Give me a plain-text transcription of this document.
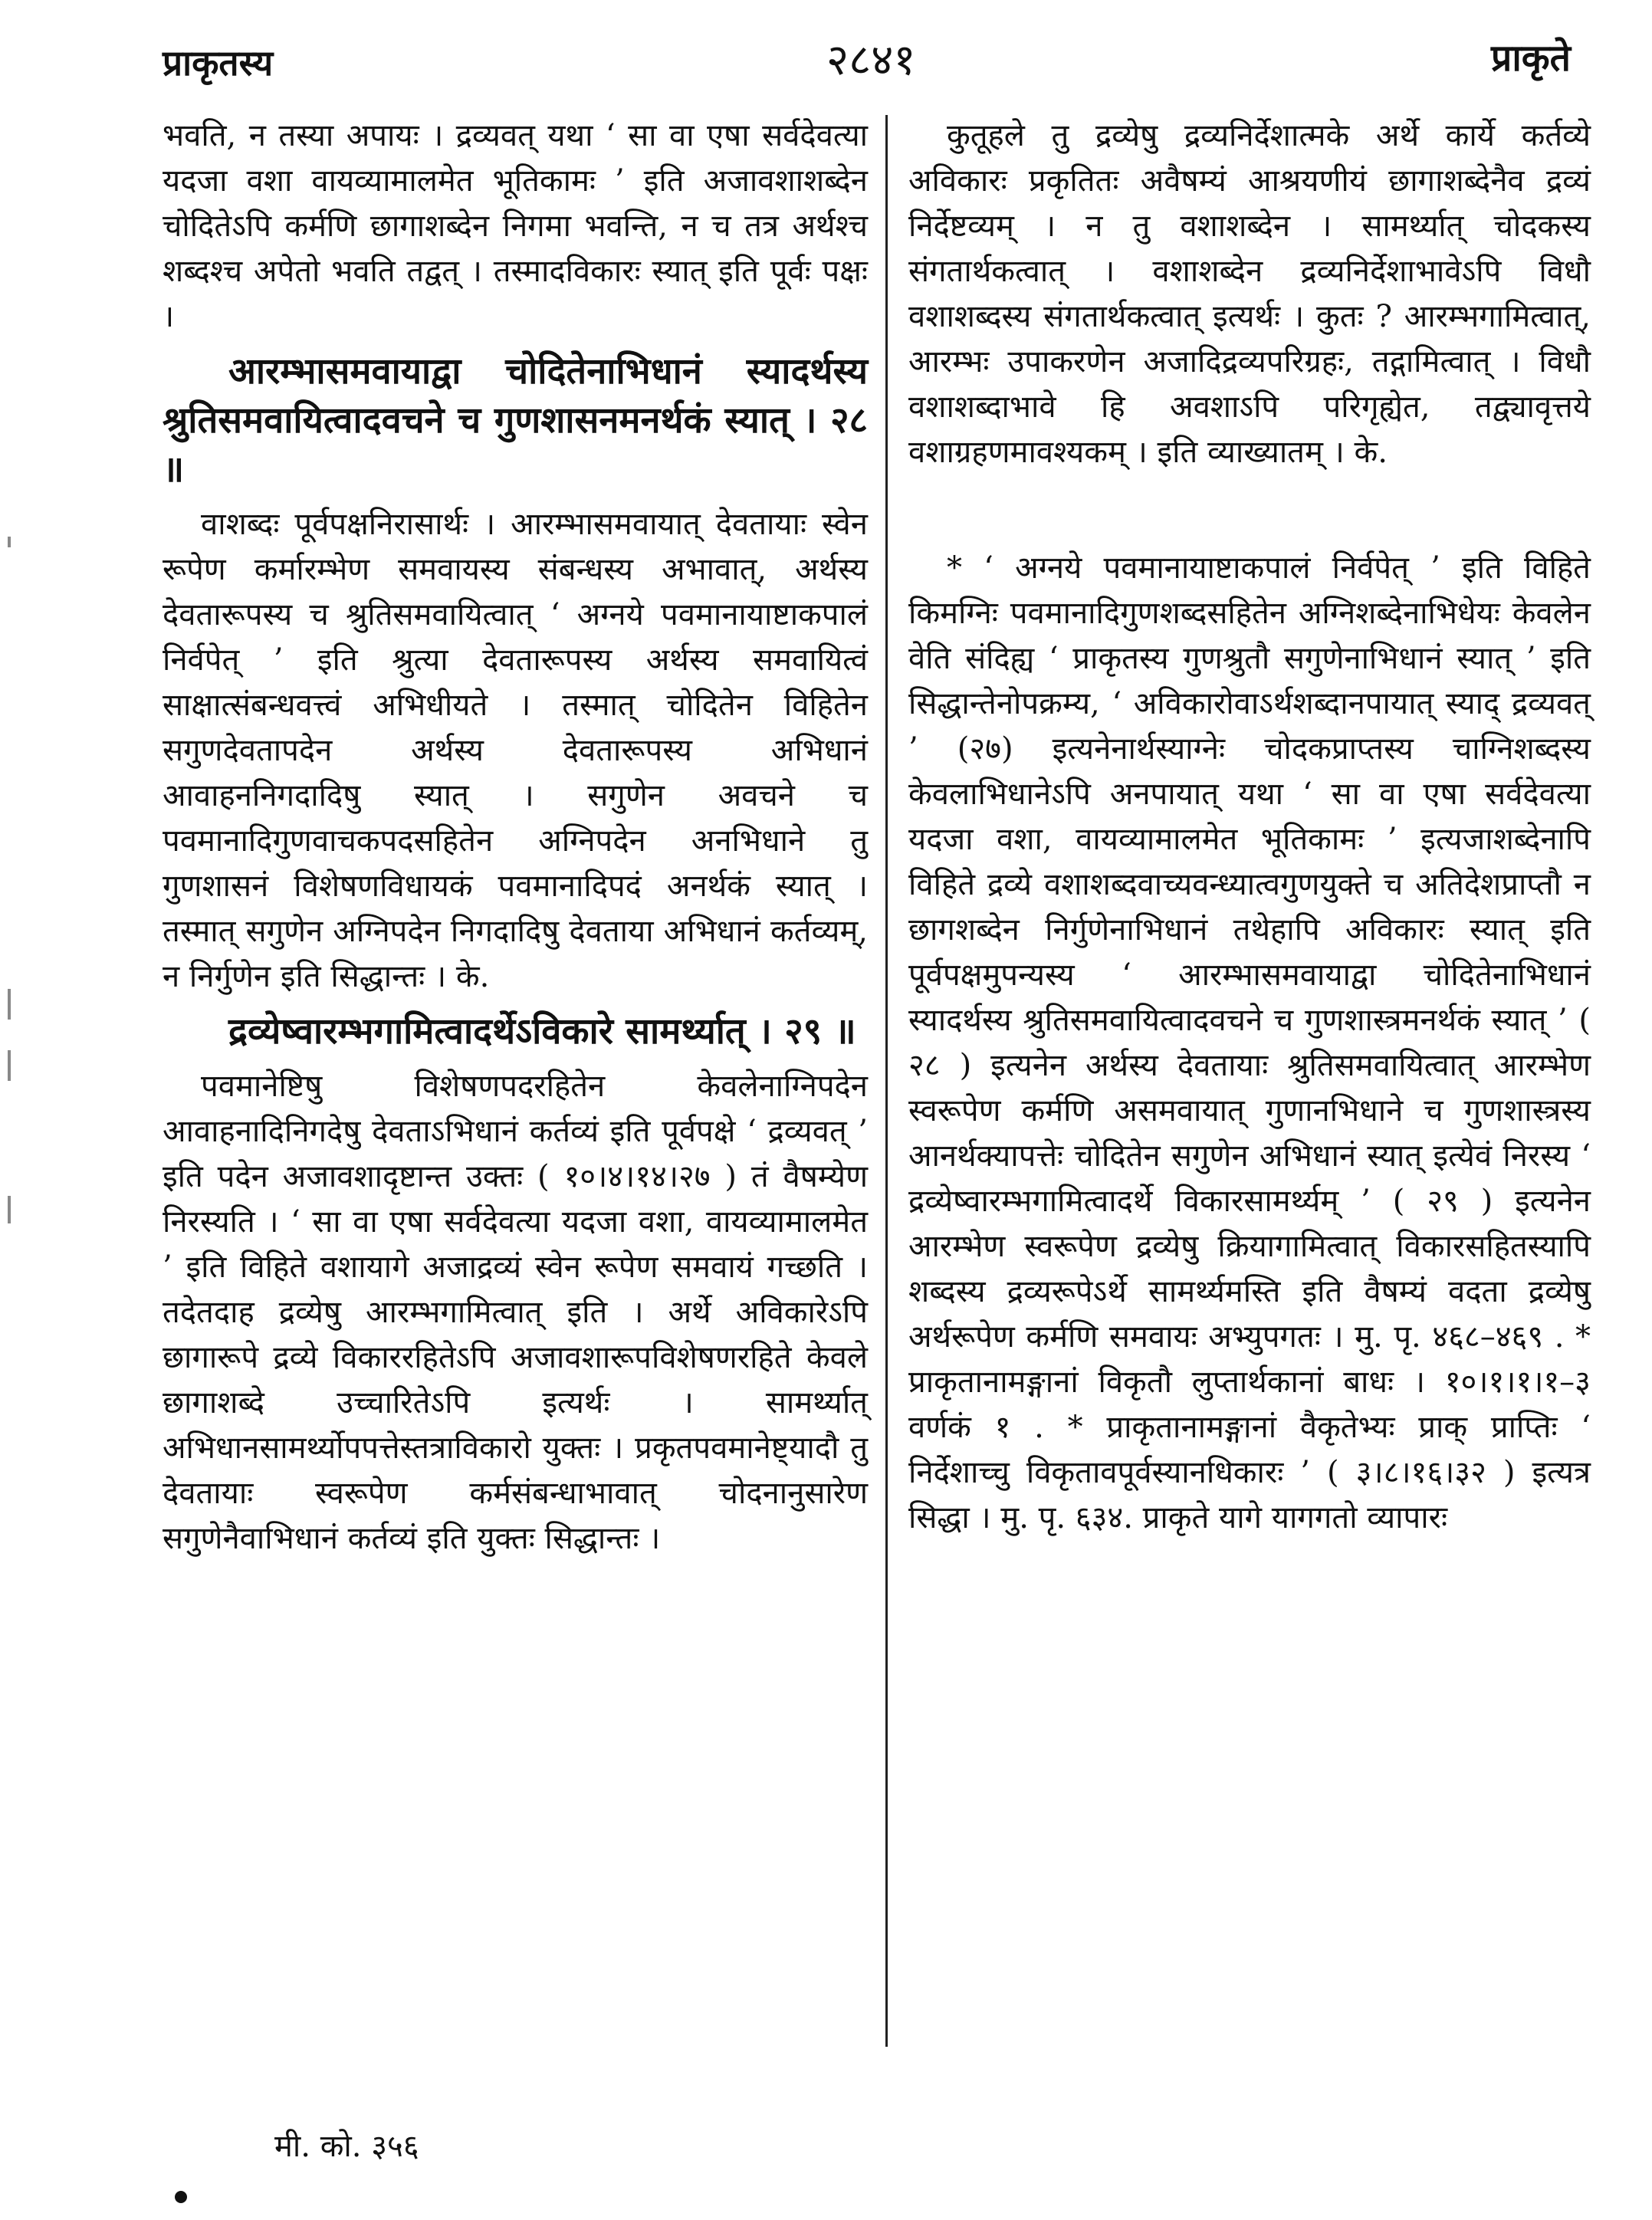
प्राकृतस्य	२८४१	प्राकृते

भवति, न तस्या अपायः । द्रव्यवत् यथा ‘ सा वा एषा सर्वदेवत्या यदजा वशा वायव्यामालमेत भूतिकामः ’ इति अजावशाशब्देन चोदितेऽपि कर्मणि छागाशब्देन निगमा भवन्ति, न च तत्र अर्थश्च शब्दश्च अपेतो भवति तद्वत् । तस्मादविकारः स्यात् इति पूर्वः पक्षः ।

आरम्भासमवायाद्वा चोदितेनाभिधानं स्यादर्थस्य श्रुतिसमवायित्वादवचने च गुणशासनमनर्थकं स्यात् । २८ ॥

वाशब्दः पूर्वपक्षनिरासार्थः । आरम्भासमवायात् देवतायाः स्वेन रूपेण कर्मारम्भेण समवायस्य संबन्धस्य अभावात्, अर्थस्य देवतारूपस्य च श्रुतिसमवायित्वात् ‘ अग्नये पवमानायाष्टाकपालं निर्वपेत् ’ इति श्रुत्या देवतारूपस्य अर्थस्य समवायित्वं साक्षात्संबन्धवत्त्वं अभिधीयते । तस्मात् चोदितेन विहितेन सगुणदेवतापदेन अर्थस्य देवतारूपस्य अभिधानं आवाहननिगदादिषु स्यात् । सगुणेन अवचने च पवमानादिगुणवाचकपदसहितेन अग्निपदेन अनभिधाने तु गुणशासनं विशेषणविधायकं पवमानादिपदं अनर्थकं स्यात् । तस्मात् सगुणेन अग्निपदेन निगदादिषु देवताया अभिधानं कर्तव्यम्, न निर्गुणेन इति सिद्धान्तः । के.

द्रव्येष्वारम्भगामित्वादर्थेऽविकारे सामर्थ्यात् । २९ ॥

पवमानेष्टिषु विशेषणपदरहितेन केवलेनाग्निपदेन आवाहनादिनिगदेषु देवताऽभिधानं कर्तव्यं इति पूर्वपक्षे ‘ द्रव्यवत् ’ इति पदेन अजावशादृष्टान्त उक्तः ( १०।४।१४।२७ ) तं वैषम्येण निरस्यति । ‘ सा वा एषा सर्वदेवत्या यदजा वशा, वायव्यामालमेत ’ इति विहिते वशायागे अजाद्रव्यं स्वेन रूपेण समवायं गच्छति । तदेतदाह द्रव्येषु आरम्भगामित्वात् इति । अर्थे अविकारेऽपि छागारूपे द्रव्ये विकाररहितेऽपि अजावशारूपविशेषणरहिते केवले छागाशब्दे उच्चारितेऽपि इत्यर्थः । सामर्थ्यात् अभिधानसामर्थ्योपपत्तेस्तत्राविकारो युक्तः । प्रकृतपवमानेष्ट्यादौ तु देवतायाः स्वरूपेण कर्मसंबन्धाभावात् चोदनानुसारेण सगुणेनैवाभिधानं कर्तव्यं इति युक्तः सिद्धान्तः ।

कुतूहले तु द्रव्येषु द्रव्यनिर्देशात्मके अर्थे कार्ये कर्तव्ये अविकारः प्रकृतितः अवैषम्यं आश्रयणीयं छागाशब्देनैव द्रव्यं निर्देष्टव्यम् । न तु वशाशब्देन । सामर्थ्यात् चोदकस्य संगतार्थकत्वात् । वशाशब्देन द्रव्यनिर्देशाभावेऽपि विधौ वशाशब्दस्य संगतार्थकत्वात् इत्यर्थः । कुतः ? आरम्भगामित्वात्, आरम्भः उपाकरणेन अजादिद्रव्यपरिग्रहः, तद्गामित्वात् । विधौ वशाशब्दाभावे हि अवशाऽपि परिगृह्येत, तद्व्यावृत्तये वशाग्रहणमावश्यकम् । इति व्याख्यातम् । के.

* ‘ अग्नये पवमानायाष्टाकपालं निर्वपेत् ’ इति विहिते किमग्निः पवमानादिगुणशब्दसहितेन अग्निशब्देनाभिधेयः केवलेन वेति संदिह्य ‘ प्राकृतस्य गुणश्रुतौ सगुणेनाभिधानं स्यात् ’ इति सिद्धान्तेनोपक्रम्य, ‘ अविकारोवाऽर्थशब्दानपायात् स्याद् द्रव्यवत् ’ (२७) इत्यनेनार्थस्याग्नेः चोदकप्राप्तस्य चाग्निशब्दस्य केवलाभिधानेऽपि अनपायात् यथा ‘ सा वा एषा सर्वदेवत्या यदजा वशा, वायव्यामालमेत भूतिकामः ’ इत्यजाशब्देनापि विहिते द्रव्ये वशाशब्दवाच्यवन्ध्यात्वगुणयुक्ते च अतिदेशप्राप्तौ न छागशब्देन निर्गुणेनाभिधानं तथेहापि अविकारः स्यात् इति पूर्वपक्षमुपन्यस्य ‘ आरम्भासमवायाद्वा चोदितेनाभिधानं स्यादर्थस्य श्रुतिसमवायित्वादवचने च गुणशास्त्रमनर्थकं स्यात् ’ ( २८ ) इत्यनेन अर्थस्य देवतायाः श्रुतिसमवायित्वात् आरम्भेण स्वरूपेण कर्मणि असमवायात् गुणानभिधाने च गुणशास्त्रस्य आनर्थक्यापत्तेः चोदितेन सगुणेन अभिधानं स्यात् इत्येवं निरस्य ‘ द्रव्येष्वारम्भगामित्वादर्थे विकारसामर्थ्यम् ’ ( २९ ) इत्यनेन आरम्भेण स्वरूपेण द्रव्येषु क्रियागामित्वात् विकारसहितस्यापि शब्दस्य द्रव्यरूपेऽर्थे सामर्थ्यमस्ति इति वैषम्यं वदता द्रव्येषु अर्थरूपेण कर्मणि समवायः अभ्युपगतः । मु. पृ. ४६८–४६९ . * प्राकृतानामङ्गानां विकृतौ लुप्तार्थकानां बाधः । १०।१।१।१–३ वर्णकं १ . * प्राकृतानामङ्गानां वैकृतेभ्यः प्राक् प्राप्तिः ‘ निर्देशाच्चु विकृतावपूर्वस्यानधिकारः ’ ( ३।८।१६।३२ ) इत्यत्र सिद्धा । मु. पृ. ६३४. प्राकृते यागे यागगतो व्यापारः

मी. को. ३५६
